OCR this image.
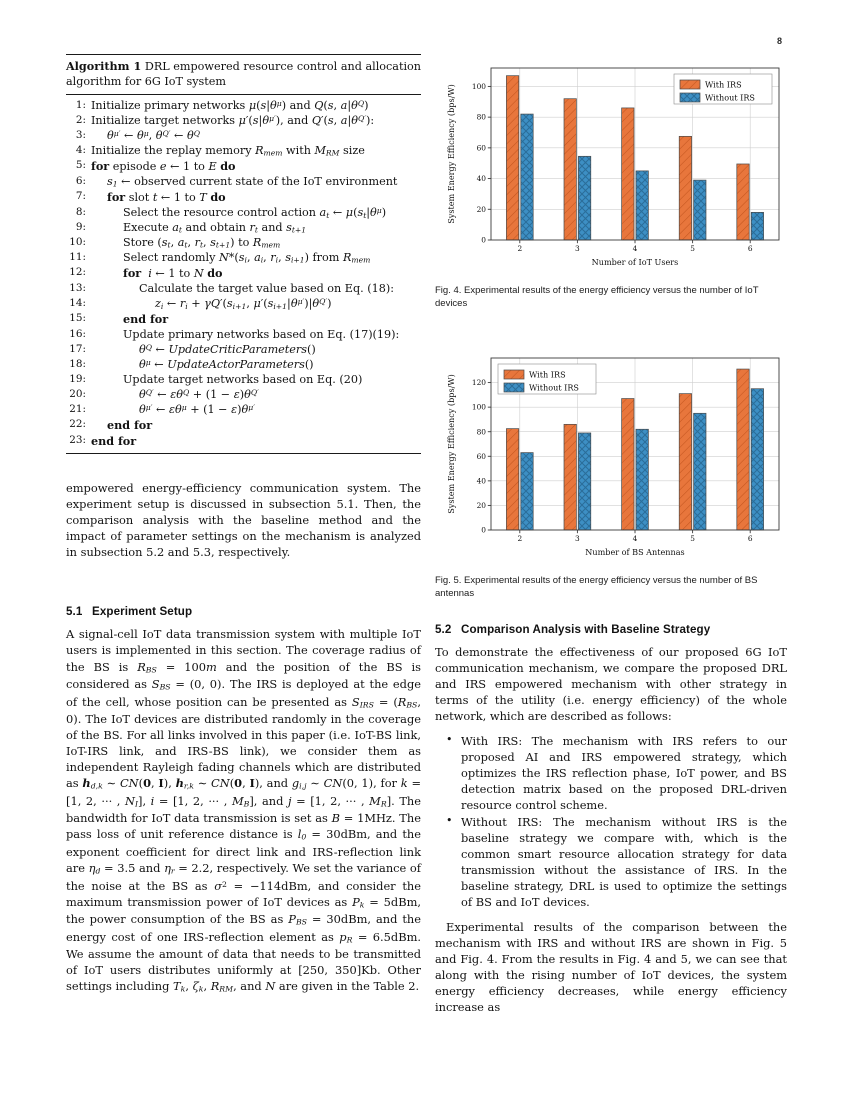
8
Algorithm 1 DRL empowered resource control and allocation algorithm for 6G IoT system
1: Initialize primary networks $\mu(s|\theta^\mu)$ and Q(s, $a|\theta^Q$)
2: Initialize target networks $\mu'(s|\theta^{\mu'})$, and Q′(s, $a|\theta^{Q'}$):
3:	$\theta^{\mu'}$ ← $\theta^\mu$, $\theta^{Q'}$ ← $\theta^Q$
4: Initialize the replay memory $R_{mem}$ with $M_{RM}$ size
5: for episode e ← 1 to E do
6:	$s_1$ ← observed current state of the IoT environment
7:	for slot t ← 1 to T do
8:	Select the resource control action $a_t$ ← $\mu(s_t|\theta^\mu)$
9:	Execute $a_t$ and obtain $r_t$ and $s_{t+1}$
10:	Store ($s_t$, $a_t$, $r_t$, $s_{t+1}$) to $R_{mem}$
11:	Select randomly $N*(s_i$, $a_i$, $r_i$, $s_{i+1}$) from $R_{mem}$
12:	for i ← 1 to N do
13:	Calculate the target value based on Eq. (18):
14:	$z_i$ ← $r_i + \gamma Q'(s_{i+1}$, $\mu'(s_{i+1}|\theta^{\mu'})|\theta^{Q'}$)
15:	end for
16:	Update primary networks based on Eq. (17)(19):
17:	$\theta^Q$ ← UpdateCriticParameters()
18:	$\theta^\mu$ ← UpdateActorParameters()
19:	Update target networks based on Eq. (20)
20:	$\theta^{Q'}$ ← $\varepsilon\theta^Q + (1 - \varepsilon)\theta^{Q'}$
21:	$\theta^{\mu'}$ ← $\varepsilon\theta^\mu + (1 - \varepsilon)\theta^{\mu'}$
22:	end for
23: end for

empowered energy-efficiency communication system. The experiment setup is discussed in subsection 5.1. Then, the comparison analysis with the baseline method and the impact of parameter settings on the mechanism is analyzed in subsection 5.2 and 5.3, respectively.

5.1 Experiment Setup

A signal-cell IoT data transmission system with multiple IoT users is implemented in this section. The coverage radius of the BS is $R_{BS} = 100m$ and the position of the BS is considered as $S_{BS} = (0$, 0). The IRS is deployed at the edge of the cell, whose position can be presented as $S_{IRS} = (R_{BS}$, 0). The IoT devices are distributed randomly in the coverage of the BS. For all links involved in this paper (i.e. IoT-BS link, IoT-IRS link, and IRS-BS link), we consider them as independent Rayleigh fading channels which are distributed as $h_{d,k}$ ∼ CN(0, I), $h_{r,k}$ ∼ CN(0, I), and $g_{i,j}$ ∼ CN(0, 1), for k = [1, 2, ··· , $N_I$], i = [1, 2, ··· , $M_B$], and j = [1, 2, ··· , $M_R$]. The bandwidth for IoT data transmission is set as B = 1MHz. The pass loss of unit reference distance is $l_0 = 30dBm$, and the exponent coefficient for direct link and IRS-reflection link are $\eta_d = 3.5$ and $\eta_r = 2.2$, respectively. We set the variance of the noise at the BS as $\sigma^2 = -114dBm$, and consider the maximum transmission power of IoT devices as $P_k = 5dBm$, the power consumption of the BS as $P_{BS} = 30dBm$, and the energy cost of one IRS-reflection element as $p_R = 6.5dBm$. We assume the amount of data that needs to be transmitted of IoT users distributes uniformly at [250, 350]Kb. Other settings including $T_k$, $\zeta_k$, $R_{RM}$, and N are given in the Table 2.

0
20
40
60
80
100
2	3	4	5	6
Number of IoT Users
System Energy Efficiency (bps/W)	With IRS
Without IRS
Fig. 4. Experimental results of the energy efficiency versus the number of IoT devices
0
20
40
60
80
100
120
2	3	4	5	6
Number of BS Antennas
System Energy Efficiency (bps/W)	With IRS
Without IRS
Fig. 5. Experimental results of the energy efficiency versus the number of BS antennas
5.2 Comparison Analysis with Baseline Strategy

To demonstrate the effectiveness of our proposed 6G IoT communication mechanism, we compare the proposed DRL and IRS empowered mechanism with other strategy in terms of the utility (i.e. energy efficiency) of the whole network, which are described as follows:

• With IRS: The mechanism with IRS refers to our proposed AI and IRS empowered strategy, which optimizes the IRS reflection phase, IoT power, and BS detection matrix based on the proposed DRL-driven resource control scheme.
• Without IRS: The mechanism without IRS is the baseline strategy we compare with, which is the common smart resource allocation strategy for data transmission without the assistance of IRS. In the baseline strategy, DRL is used to optimize the settings of BS and IoT devices.

Experimental results of the comparison between the mechanism with IRS and without IRS are shown in Fig. 5 and Fig. 4. From the results in Fig. 4 and 5, we can see that along with the rising number of IoT devices, the system energy efficiency decreases, while energy efficiency increase as
